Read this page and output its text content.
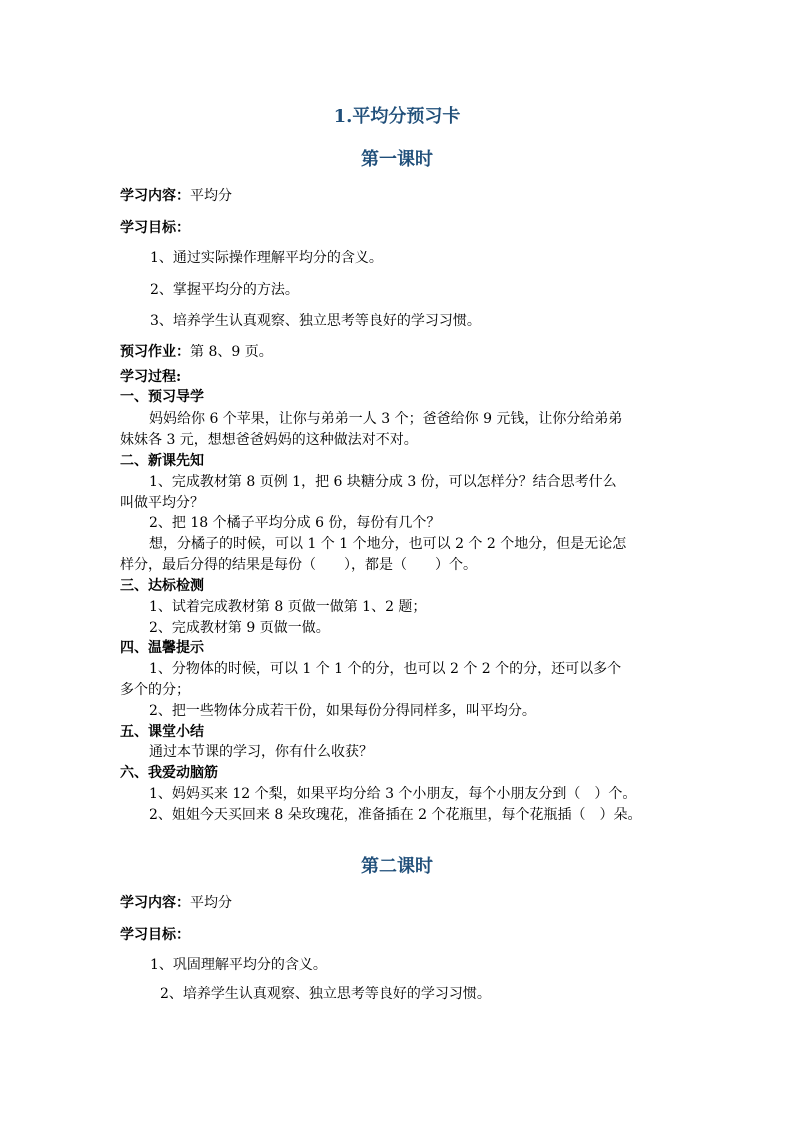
1.平均分预习卡
第一课时
学习内容：平均分
学习目标：
1、通过实际操作理解平均分的含义。
2、掌握平均分的方法。
3、培养学生认真观察、独立思考等良好的学习习惯。
预习作业：第 8、9 页。
学习过程:
一、预习导学
妈妈给你 6 个苹果，让你与弟弟一人 3 个；爸爸给你 9 元钱，让你分给弟弟
妹妹各 3 元，想想爸爸妈妈的这种做法对不对。
二、新课先知
1、完成教材第 8 页例 1，把 6 块糖分成 3 份，可以怎样分？结合思考什么
叫做平均分？
2、把 18 个橘子平均分成 6 份，每份有几个？
想，分橘子的时候，可以 1 个 1 个地分，也可以 2 个 2 个地分，但是无论怎
样分，最后分得的结果是每份（　　），都是（　　）个。
三、达标检测
1、试着完成教材第 8 页做一做第 1、2 题；
2、完成教材第 9 页做一做。
四、温馨提示
1、分物体的时候，可以 1 个 1 个的分，也可以 2 个 2 个的分，还可以多个
多个的分；
2、把一些物体分成若干份，如果每份分得同样多，叫平均分。
五、课堂小结
通过本节课的学习，你有什么收获？
六、我爱动脑筋
1、妈妈买来 12 个梨，如果平均分给 3 个小朋友，每个小朋友分到（　）个。
2、姐姐今天买回来 8 朵玫瑰花，准备插在 2 个花瓶里，每个花瓶插（　）朵。
第二课时
学习内容：平均分
学习目标：
1、巩固理解平均分的含义。
2、培养学生认真观察、独立思考等良好的学习习惯。
